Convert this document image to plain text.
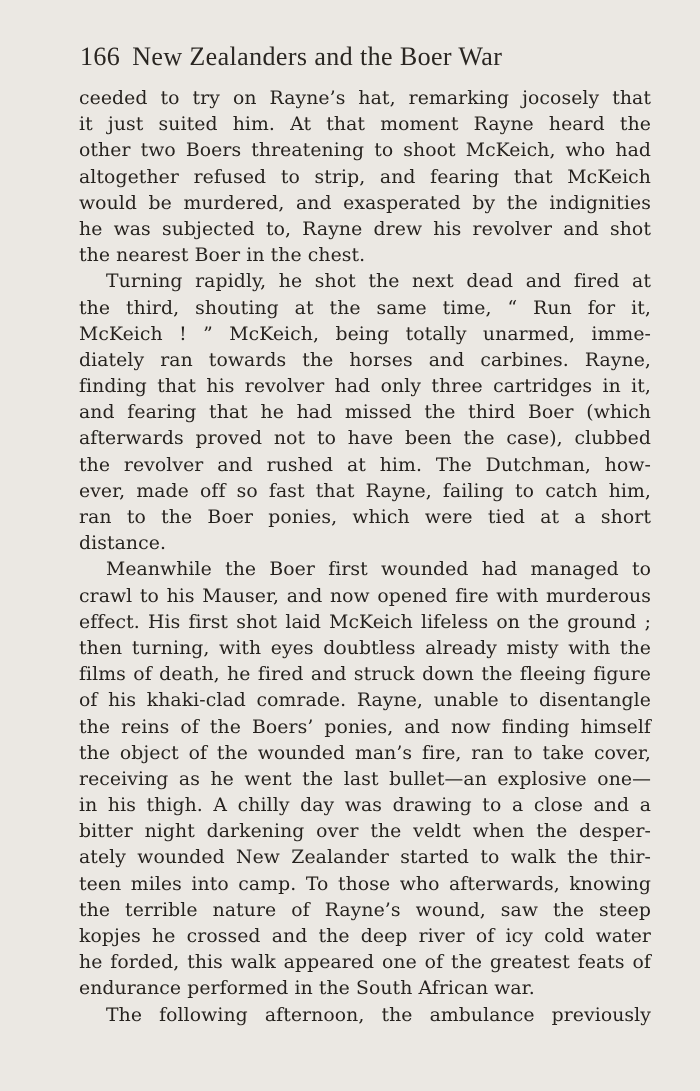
166 New Zealanders and the Boer War
ceeded to try on Rayne’s hat, remarking jocosely that
it just suited him. At that moment Rayne heard the
other two Boers threatening to shoot McKeich, who had
altogether refused to strip, and fearing that McKeich
would be murdered, and exasperated by the indignities
he was subjected to, Rayne drew his revolver and shot
the nearest Boer in the chest.
Turning rapidly, he shot the next dead and fired at
the third, shouting at the same time, “ Run for it,
McKeich ! ” McKeich, being totally unarmed, imme-
diately ran towards the horses and carbines. Rayne,
finding that his revolver had only three cartridges in it,
and fearing that he had missed the third Boer (which
afterwards proved not to have been the case), clubbed
the revolver and rushed at him. The Dutchman, how-
ever, made off so fast that Rayne, failing to catch him,
ran to the Boer ponies, which were tied at a short
distance.
Meanwhile the Boer first wounded had managed to
crawl to his Mauser, and now opened fire with murderous
effect. His first shot laid McKeich lifeless on the ground ;
then turning, with eyes doubtless already misty with the
films of death, he fired and struck down the fleeing figure
of his khaki-clad comrade. Rayne, unable to disentangle
the reins of the Boers’ ponies, and now finding himself
the object of the wounded man’s fire, ran to take cover,
receiving as he went the last bullet—an explosive one—
in his thigh. A chilly day was drawing to a close and a
bitter night darkening over the veldt when the desper-
ately wounded New Zealander started to walk the thir-
teen miles into camp. To those who afterwards, knowing
the terrible nature of Rayne’s wound, saw the steep
kopjes he crossed and the deep river of icy cold water
he forded, this walk appeared one of the greatest feats of
endurance performed in the South African war.
The following afternoon, the ambulance previously
